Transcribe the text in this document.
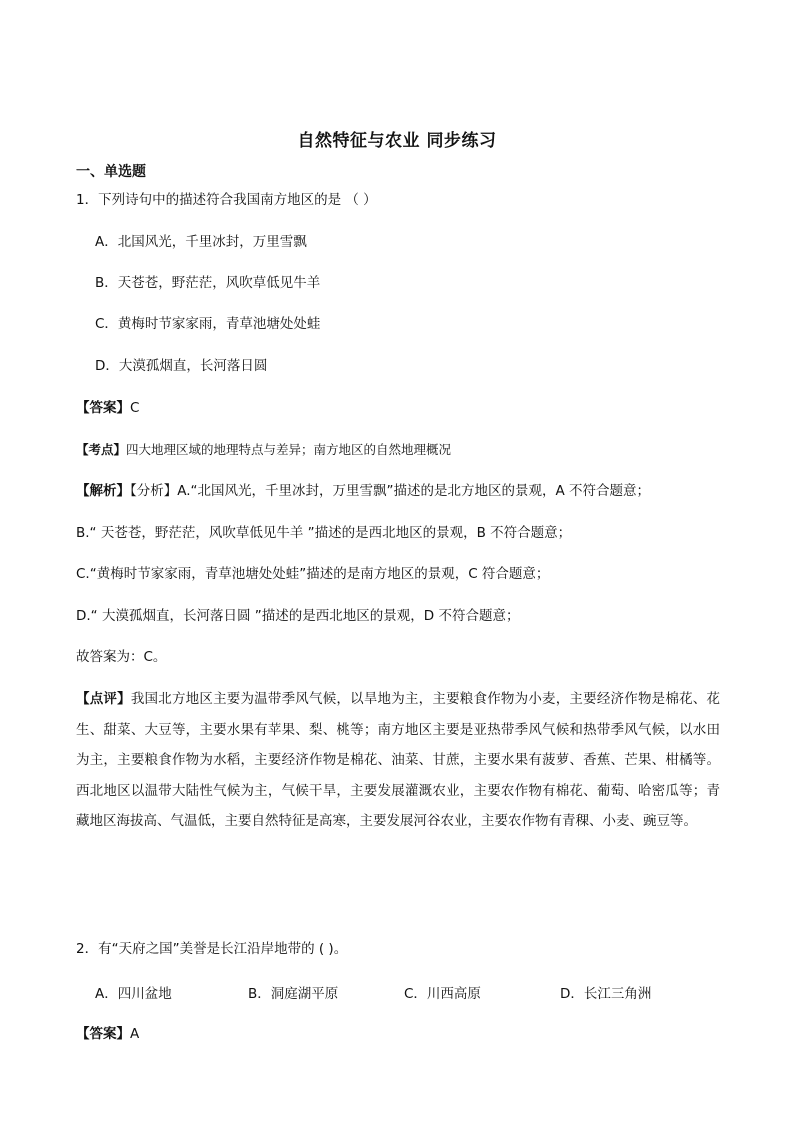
自然特征与农业 同步练习
一、单选题
1．下列诗句中的描述符合我国南方地区的是 （ ）
A．北国风光，千里冰封，万里雪飘
B．天苍苍，野茫茫，风吹草低见牛羊
C．黄梅时节家家雨，青草池塘处处蛙
D．大漠孤烟直，长河落日圆
【答案】C
【考点】四大地理区域的地理特点与差异；南方地区的自然地理概况
【解析】【分析】A.“北国风光，千里冰封，万里雪飘”描述的是北方地区的景观，A 不符合题意；
B.“ 天苍苍，野茫茫，风吹草低见牛羊 ”描述的是西北地区的景观，B 不符合题意；
C.“黄梅时节家家雨，青草池塘处处蛙”描述的是南方地区的景观，C 符合题意；
D.“ 大漠孤烟直，长河落日圆 ”描述的是西北地区的景观，D 不符合题意；
故答案为：C。
【点评】我国北方地区主要为温带季风气候，以旱地为主，主要粮食作物为小麦，主要经济作物是棉花、花生、甜菜、大豆等，主要水果有苹果、梨、桃等；南方地区主要是亚热带季风气候和热带季风气候，以水田为主，主要粮食作物为水稻，主要经济作物是棉花、油菜、甘蔗，主要水果有菠萝、香蕉、芒果、柑橘等。西北地区以温带大陆性气候为主，气候干旱，主要发展灌溉农业，主要农作物有棉花、葡萄、哈密瓜等；青藏地区海拔高、气温低，主要自然特征是高寒，主要发展河谷农业，主要农作物有青稞、小麦、豌豆等。
2．有“天府之国”美誉是长江沿岸地带的 ( )。
A．四川盆地	B．洞庭湖平原	C．川西高原	D．长江三角洲
【答案】A
